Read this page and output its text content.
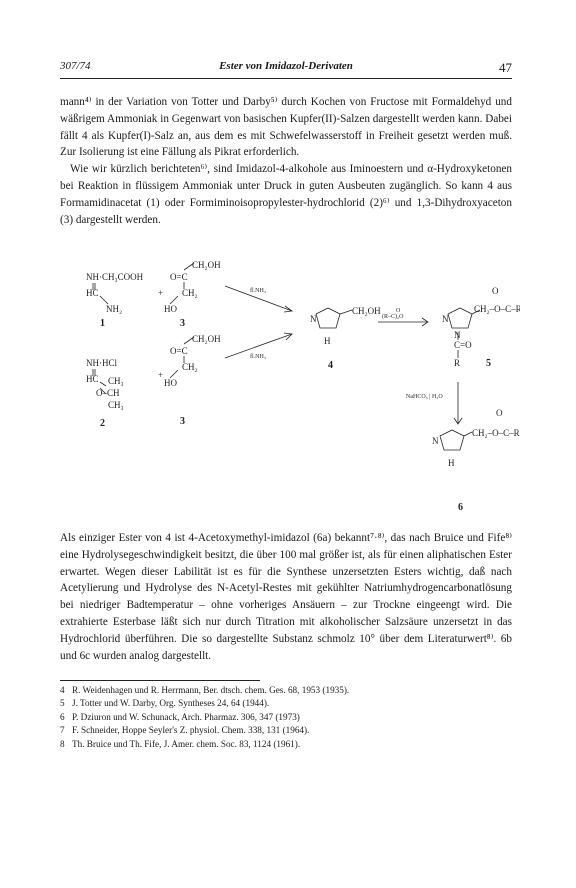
307/74	Ester von Imidazol-Derivaten	47

mann⁴⁾ in der Variation von Totter und Darby⁵⁾ durch Kochen von Fructose mit Formaldehyd und wäßrigem Ammoniak in Gegenwart von basischen Kupfer(II)-Salzen dargestellt werden kann. Dabei fällt 4 als Kupfer(I)-Salz an, aus dem es mit Schwefelwasserstoff in Freiheit gesetzt werden muß. Zur Isolierung ist eine Fällung als Pikrat erforderlich.

Wie wir kürzlich berichteten⁶⁾, sind Imidazol-4-alkohole aus Iminoestern und α-Hydroxyketonen bei Reaktion in flüssigem Ammoniak unter Druck in guten Ausbeuten zugänglich. So kann 4 aus Formamidinacetat (1) oder Formiminoisopropylester-hydrochlorid (2)⁶⁾ und 1,3-Dihydroxyaceton (3) dargestellt werden.

NH·CH₃COOH
HC
NH₂
1
+
CH₂OH
O=C
CH₂
HO
3
fl.NH₃
fl.NH₃
N
CH₂OH
H
4
O
(R–C)₂O	N
O
CH₂–O–C–R
N
C=O
R	5
NH·HCl
HC CH₃
O–CH
CH₃
2
+
CH₂OH
O=C
CH₂
HO
3
NaHCO₃ | H₂O
N
O
CH₂–O–C–R
H
6

Als einziger Ester von 4 ist 4-Acetoxymethyl-imidazol (6a) bekannt⁷·⁸⁾, das nach Bruice und Fife⁸⁾eine Hydrolysegeschwindigkeit besitzt, die über 100 mal größer ist, als für einen aliphatischen Ester erwartet. Wegen dieser Labilität ist es für die Synthese unzersetzten Esters wichtig, daß nach Acetylierung und Hydrolyse des N-Acetyl-Restes mit gekühlter Natriumhydrogencarbonatlösung bei niedriger Badtemperatur – ohne vorheriges Ansäuern – zur Trockne eingeengt wird. Die extrahierte Esterbase läßt sich nur durch Titration mit alkoholischer Salzsäure unzersetzt in das Hydrochlorid überführen. Die so dargestellte Substanz schmolz 10° über dem Literaturwert⁸⁾. 6b und 6c wurden analog dargestellt.

4 R. Weidenhagen und R. Herrmann, Ber. dtsch. chem. Ges. 68, 1953 (1935).
5 J. Totter und W. Darby, Org. Syntheses 24, 64 (1944).
6 P. Dziuron und W. Schunack, Arch. Pharmaz. 306, 347 (1973)
7 F. Schneider, Hoppe Seyler's Z. physiol. Chem. 338, 131 (1964).
8 Th. Bruice und Th. Fife, J. Amer. chem. Soc. 83, 1124 (1961).
